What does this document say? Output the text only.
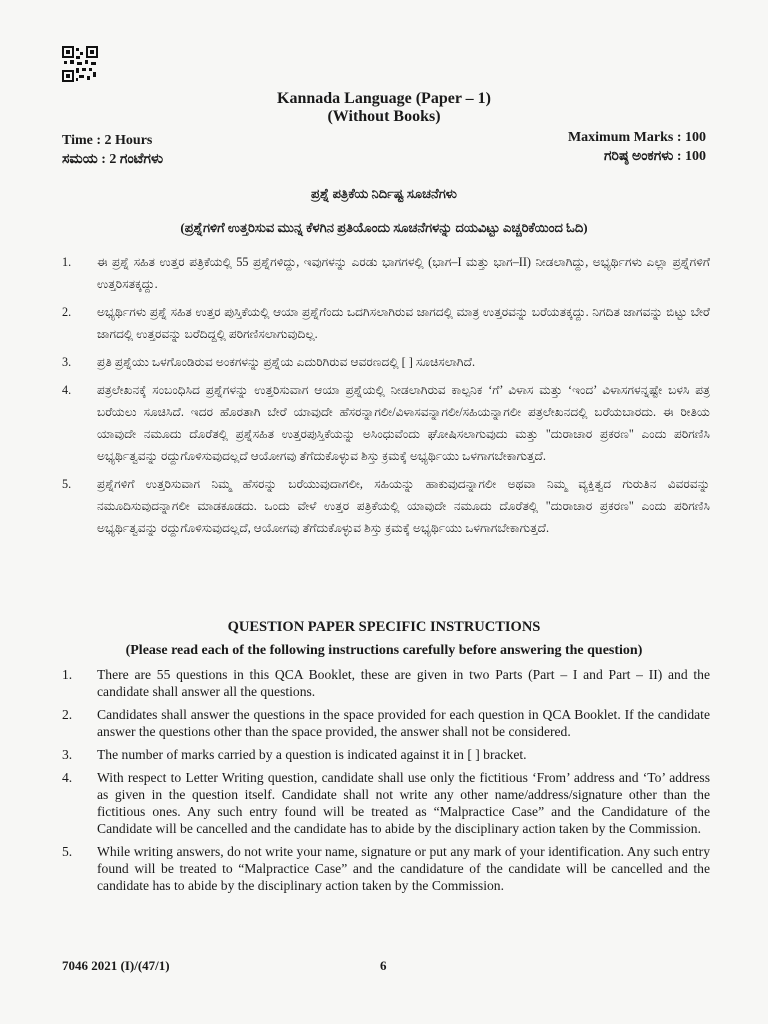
Kannada Language (Paper – 1)
(Without Books)
Time : 2 Hours
ಸಮಯ : 2 ಗಂಟೆಗಳು
Maximum Marks : 100
ಗರಿಷ್ಠ ಅಂಕಗಳು : 100
ಪ್ರಶ್ನೆ ಪತ್ರಿಕೆಯ ನಿರ್ದಿಷ್ಟ ಸೂಚನೆಗಳು
(ಪ್ರಶ್ನೆಗಳಿಗೆ ಉತ್ತರಿಸುವ ಮುನ್ನ ಕೆಳಗಿನ ಪ್ರತಿಯೊಂದು ಸೂಚನೆಗಳನ್ನು ದಯವಿಟ್ಟು ಎಚ್ಚರಿಕೆಯಿಂದ ಓದಿ)
1. ಈ ಪ್ರಶ್ನೆ ಸಹಿತ ಉತ್ತರ ಪತ್ರಿಕೆಯಲ್ಲಿ 55 ಪ್ರಶ್ನೆಗಳಿದ್ದು, ಇವುಗಳನ್ನು ಎರಡು ಭಾಗಗಳಲ್ಲಿ (ಭಾಗ–I ಮತ್ತು ಭಾಗ–II) ನೀಡಲಾಗಿದ್ದು, ಅಭ್ಯರ್ಥಿಗಳು ಎಲ್ಲಾ ಪ್ರಶ್ನೆಗಳಿಗೆ ಉತ್ತರಿಸತಕ್ಕದ್ದು.
2. ಅಭ್ಯರ್ಥಿಗಳು ಪ್ರಶ್ನೆ ಸಹಿತ ಉತ್ತರ ಪುಸ್ತಿಕೆಯಲ್ಲಿ ಆಯಾ ಪ್ರಶ್ನೆಗೆಂದು ಒದಗಿಸಲಾಗಿರುವ ಜಾಗದಲ್ಲಿ ಮಾತ್ರ ಉತ್ತರವನ್ನು ಬರೆಯತಕ್ಕದ್ದು. ನಿಗದಿತ ಜಾಗವನ್ನು ಬಿಟ್ಟು ಬೇರೆ ಜಾಗದಲ್ಲಿ ಉತ್ತರವನ್ನು ಬರೆದಿದ್ದಲ್ಲಿ ಪರಿಗಣಿಸಲಾಗುವುದಿಲ್ಲ.
3. ಪ್ರತಿ ಪ್ರಶ್ನೆಯು ಒಳಗೊಂಡಿರುವ ಅಂಕಗಳನ್ನು ಪ್ರಶ್ನೆಯ ಎದುರಿಗಿರುವ ಆವರಣದಲ್ಲಿ [ ] ಸೂಚಿಸಲಾಗಿದೆ.
4. ಪತ್ರಲೇಖನಕ್ಕೆ ಸಂಬಂಧಿಸಿದ ಪ್ರಶ್ನೆಗಳನ್ನು ಉತ್ತರಿಸುವಾಗ ಆಯಾ ಪ್ರಶ್ನೆಯಲ್ಲಿ ನೀಡಲಾಗಿರುವ ಕಾಲ್ಪನಿಕ ‘ಗೆ’ ವಿಳಾಸ ಮತ್ತು ‘ಇಂದ’ ವಿಳಾಸಗಳನ್ನಷ್ಟೇ ಬಳಸಿ ಪತ್ರ ಬರೆಯಲು ಸೂಚಿಸಿದೆ. ಇದರ ಹೊರತಾಗಿ ಬೇರೆ ಯಾವುದೇ ಹೆಸರನ್ನಾಗಲೀ/ವಿಳಾಸವನ್ನಾಗಲೀ/ಸಹಿಯನ್ನಾಗಲೀ ಪತ್ರಲೇಖನದಲ್ಲಿ ಬರೆಯಬಾರದು. ಈ ರೀತಿಯ ಯಾವುದೇ ನಮೂದು ದೊರೆತಲ್ಲಿ ಪ್ರಶ್ನೆಸಹಿತ ಉತ್ತರಪುಸ್ತಿಕೆಯನ್ನು ಅಸಿಂಧುವೆಂದು ಘೋಷಿಸಲಾಗುವುದು ಮತ್ತು "ದುರಾಚಾರ ಪ್ರಕರಣ" ಎಂದು ಪರಿಗಣಿಸಿ ಅಭ್ಯರ್ಥಿತ್ವವನ್ನು ರದ್ದುಗೊಳಿಸುವುದಲ್ಲದೆ ಆಯೋಗವು ತೆಗೆದುಕೊಳ್ಳುವ ಶಿಸ್ತು ಕ್ರಮಕ್ಕೆ ಅಭ್ಯರ್ಥಿಯು ಒಳಗಾಗಬೇಕಾಗುತ್ತದೆ.
5. ಪ್ರಶ್ನೆಗಳಿಗೆ ಉತ್ತರಿಸುವಾಗ ನಿಮ್ಮ ಹೆಸರನ್ನು ಬರೆಯುವುದಾಗಲೀ, ಸಹಿಯನ್ನು ಹಾಕುವುದನ್ನಾಗಲೀ ಅಥವಾ ನಿಮ್ಮ ವ್ಯಕ್ತಿತ್ವದ ಗುರುತಿನ ವಿವರವನ್ನು ನಮೂದಿಸುವುದನ್ನಾಗಲೀ ಮಾಡಕೂಡದು. ಒಂದು ವೇಳೆ ಉತ್ತರ ಪತ್ರಿಕೆಯಲ್ಲಿ ಯಾವುದೇ ನಮೂದು ದೊರೆತಲ್ಲಿ "ದುರಾಚಾರ ಪ್ರಕರಣ" ಎಂದು ಪರಿಗಣಿಸಿ ಅಭ್ಯರ್ಥಿತ್ವವನ್ನು ರದ್ದುಗೊಳಿಸುವುದಲ್ಲದೆ, ಆಯೋಗವು ತೆಗೆದುಕೊಳ್ಳುವ ಶಿಸ್ತು ಕ್ರಮಕ್ಕೆ ಅಭ್ಯರ್ಥಿಯು ಒಳಗಾಗಬೇಕಾಗುತ್ತದೆ.
QUESTION PAPER SPECIFIC INSTRUCTIONS
(Please read each of the following instructions carefully before answering the question)
1. There are 55 questions in this QCA Booklet, these are given in two Parts (Part – I and Part – II) and the candidate shall answer all the questions.
2. Candidates shall answer the questions in the space provided for each question in QCA Booklet. If the candidate answer the questions other than the space provided, the answer shall not be considered.
3. The number of marks carried by a question is indicated against it in [ ] bracket.
4. With respect to Letter Writing question, candidate shall use only the fictitious ‘From’ address and ‘To’ address as given in the question itself. Candidate shall not write any other name/address/signature other than the fictitious ones. Any such entry found will be treated as “Malpractice Case” and the Candidature of the Candidate will be cancelled and the candidate has to abide by the disciplinary action taken by the Commission.
5. While writing answers, do not write your name, signature or put any mark of your identification. Any such entry found will be treated to “Malpractice Case” and the candidature of the candidate will be cancelled and the candidate has to abide by the disciplinary action taken by the Commission.
7046 2021 (I)/(47/1)	6
